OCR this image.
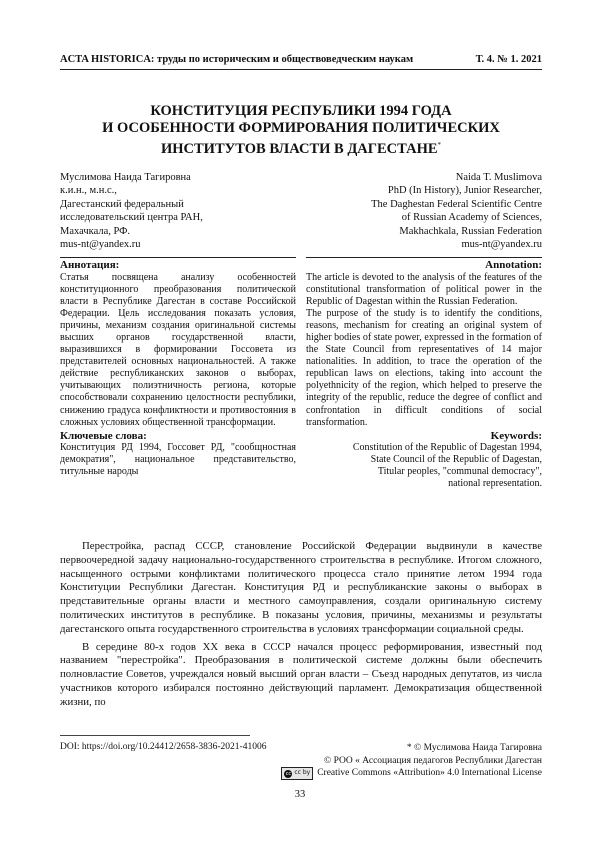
ACTA HISTORICA: труды по историческим и обществоведческим наукам	Т. 4. № 1. 2021
КОНСТИТУЦИЯ РЕСПУБЛИКИ 1994 ГОДА
И ОСОБЕННОСТИ ФОРМИРОВАНИЯ ПОЛИТИЧЕСКИХ
ИНСТИТУТОВ ВЛАСТИ В ДАГЕСТАНЕ*
Муслимова Наида Тагировна
к.и.н., м.н.с.,
Дагестанский федеральный
исследовательский центра РАН,
Махачкала, РФ.
mus-nt@yandex.ru
Naida T. Muslimova
PhD (In History), Junior Researcher,
The Daghestan Federal Scientific Centre
of Russian Academy of Sciences,
Makhachkala, Russian Federation
mus-nt@yandex.ru
Аннотация:
Статья посвящена анализу особенностей конституционного преобразования политической власти в Республике Дагестан в составе Российской Федерации. Цель исследования показать условия, причины, механизм создания оригинальной системы высших органов государственной власти, выразившихся в формировании Госсовета из представителей основных национальностей. А также действие республиканских законов о выборах, учитывающих полиэтничность региона, которые способствовали сохранению целостности республики, снижению градуса конфликтности и противостояния в сложных условиях общественной трансформации.
Ключевые слова:
Конституция РД 1994, Госсовет РД, "сообщностная демократия", национальное представительство, титульные народы
Annotation:
The article is devoted to the analysis of the features of the constitutional transformation of political power in the Republic of Dagestan within the Russian Federation.
The purpose of the study is to identify the conditions, reasons, mechanism for creating an original system of higher bodies of state power, expressed in the formation of the State Council from representatives of 14 major nationalities. In addition, to trace the operation of the republican laws on elections, taking into account the polyethnicity of the region, which helped to preserve the integrity of the republic, reduce the degree of conflict and confrontation in difficult conditions of social transformation.
Keywords:
Constitution of the Republic of Dagestan 1994,
State Council of the Republic of Dagestan,
Titular peoples, "communal democracy",
national representation.

Перестройка, распад СССР, становление Российской Федерации выдвинули в качестве первоочередной задачу национально-государственного строительства в республике. Итогом сложного, насыщенного острыми конфликтами политического процесса стало принятие летом 1994 года Конституции Республики Дагестан. Конституция РД и республиканские законы о выборах в представительные органы власти и местного самоуправления, создали оригинальную систему политических институтов в республике. В показаны условия, причины, механизмы и результаты дагестанского опыта государственного строительства в условиях трансформации социальной среды.

В середине 80-х годов XX века в СССР начался процесс реформирования, известный под названием "перестройка". Преобразования в политической системе должны были обеспечить полновластие Советов, учреждался новый высший орган власти – Съезд народных депутатов, из числа участников которого избирался постоянно действующий парламент. Демократизация общественной жизни, по

DOI: https://doi.org/10.24412/2658-3836-2021-41006	* © Муслимова Наида Тагировна
© РОО « Ассоциация педагогов Республики Дагестан
cc cc by Creative Commons «Attribution» 4.0 International License
33
